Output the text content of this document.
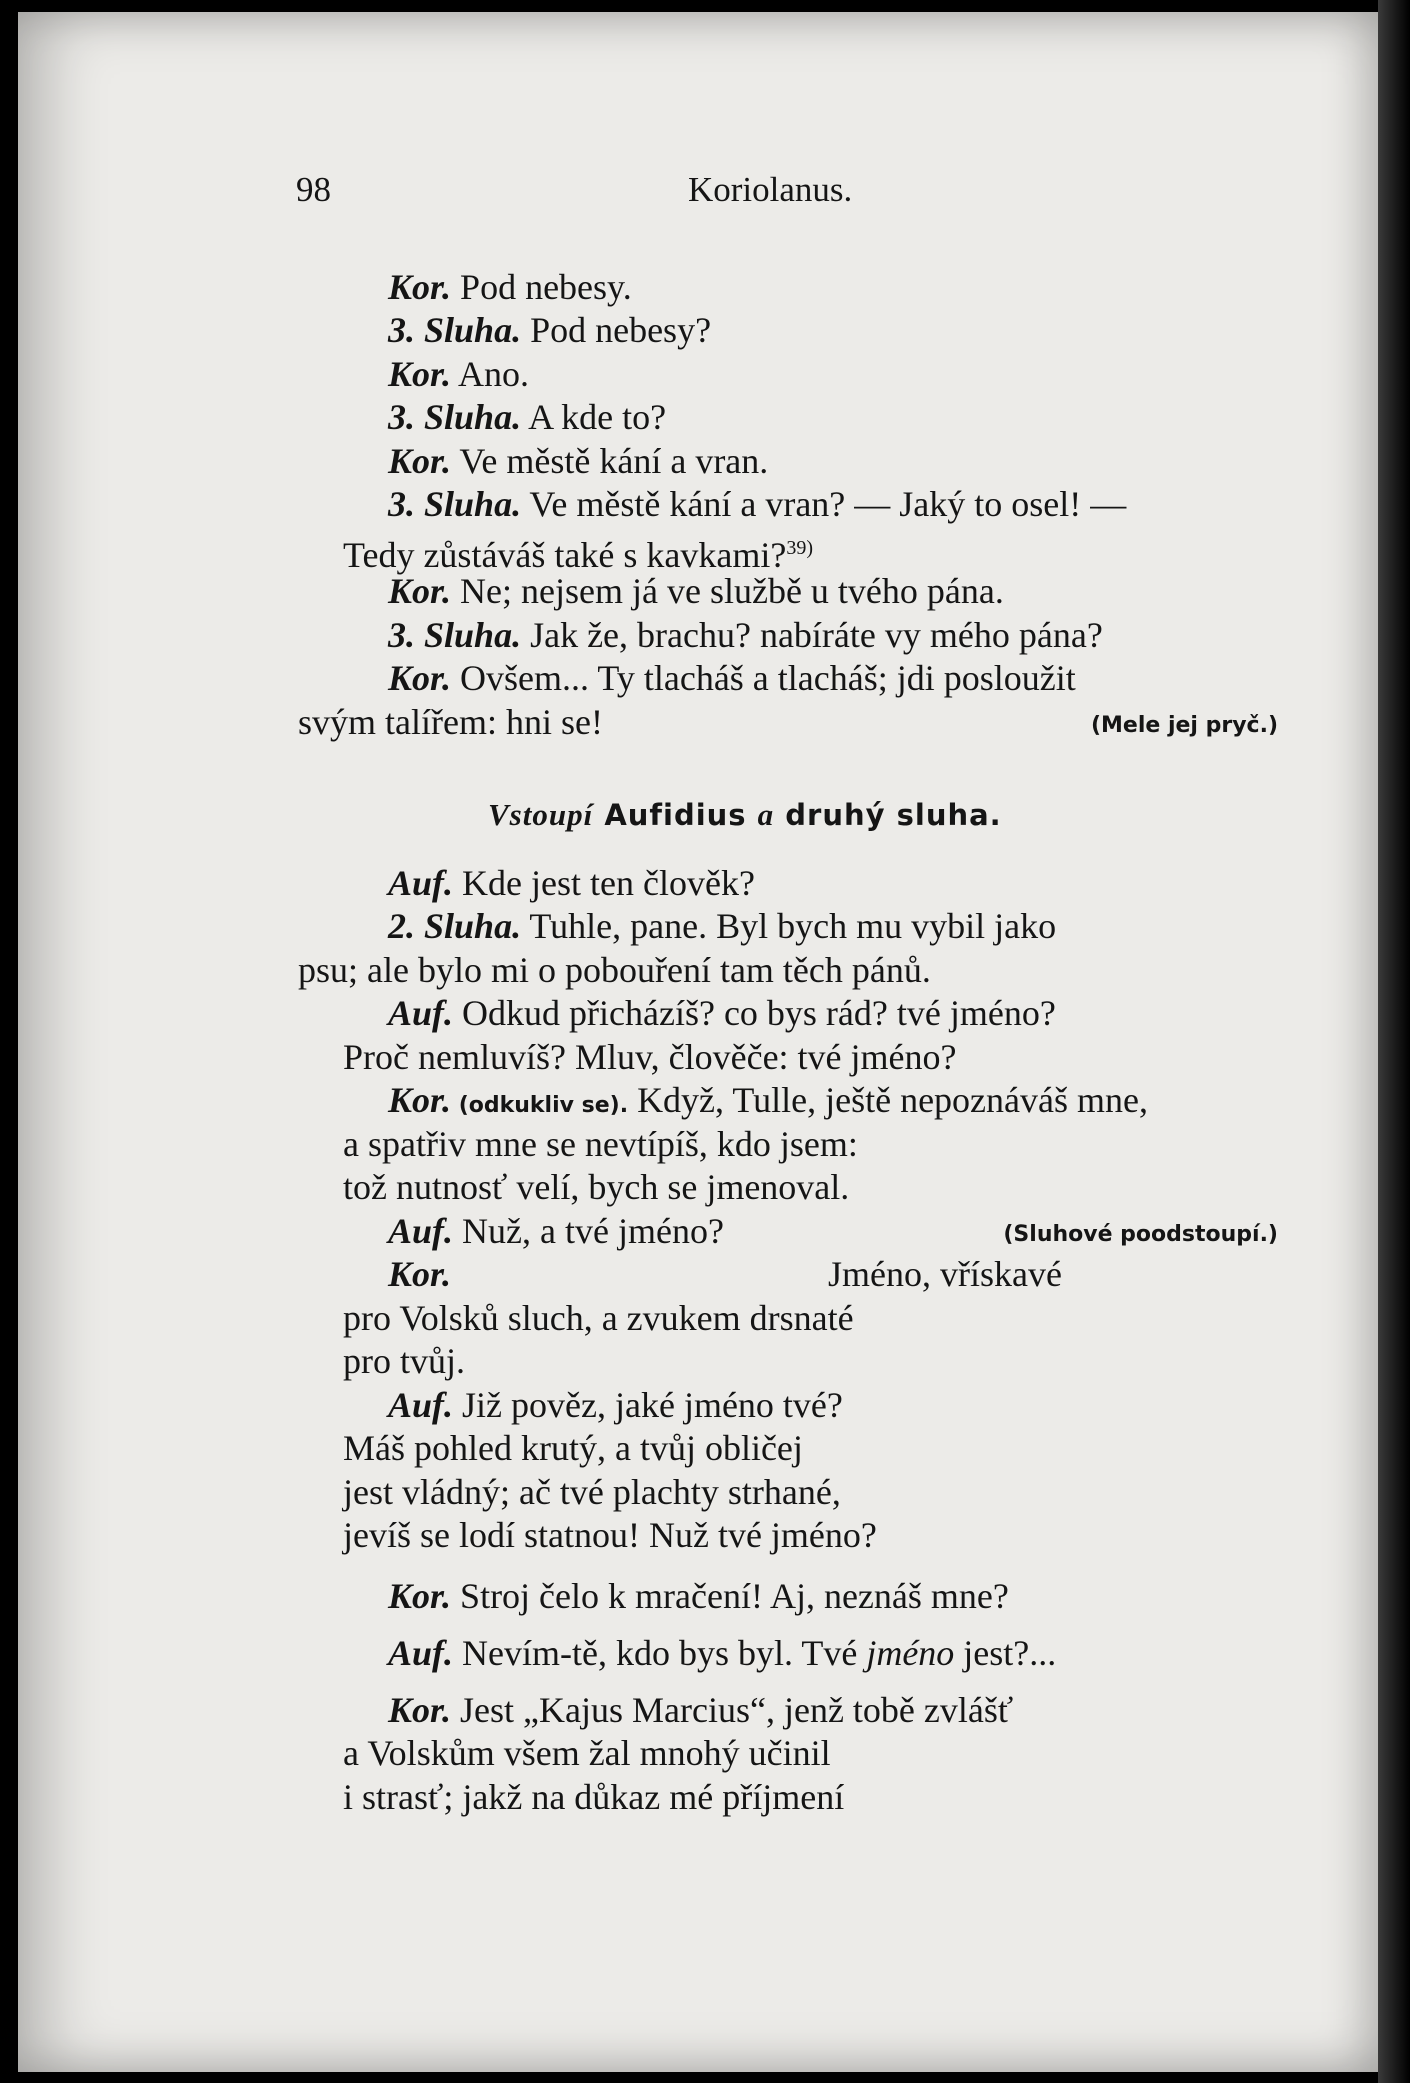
98	Koriolanus.
Kor. Pod nebesy.
3. Sluha. Pod nebesy?
Kor. Ano.
3. Sluha. A kde to?
Kor. Ve městě kání a vran.
3. Sluha. Ve městě kání a vran? — Jaký to osel! —
Tedy zůstáváš také s kavkami?$^{39)}$
Kor. Ne; nejsem já ve službě u tvého pána.
3. Sluha. Jak že, brachu? nabíráte vy mého pána?
Kor. Ovšem... Ty tlacháš a tlacháš; jdi posloužit
svým talířem: hni se!	(Mele jej pryč.)
Vstoupí Aufidius a druhý sluha.
Auf. Kde jest ten člověk?
2. Sluha. Tuhle, pane. Byl bych mu vybil jako
psu; ale bylo mi o pobouření tam těch pánů.
Auf. Odkud přicházíš? co bys rád? tvé jméno?
Proč nemluvíš? Mluv, člověče: tvé jméno?
Kor. (odkukliv se). Když, Tulle, ještě nepoznáváš mne,
a spatřiv mne se nevtípíš, kdo jsem:
tož nutnosť velí, bych se jmenoval.
Auf. Nuž, a tvé jméno?	(Sluhové poodstoupí.)
Kor.	Jméno, vřískavé
pro Volsků sluch, a zvukem drsnaté
pro tvůj.
Auf. Již pověz, jaké jméno tvé?
Máš pohled krutý, a tvůj obličej
jest vládný; ač tvé plachty strhané,
jevíš se lodí statnou! Nuž tvé jméno?
Kor. Stroj čelo k mračení! Aj, neznáš mne?
Auf. Nevím-tě, kdo bys byl. Tvé jméno jest?...
Kor. Jest „Kajus Marcius“, jenž tobě zvlášť
a Volskům všem žal mnohý učinil
i strasť; jakž na důkaz mé příjmení
